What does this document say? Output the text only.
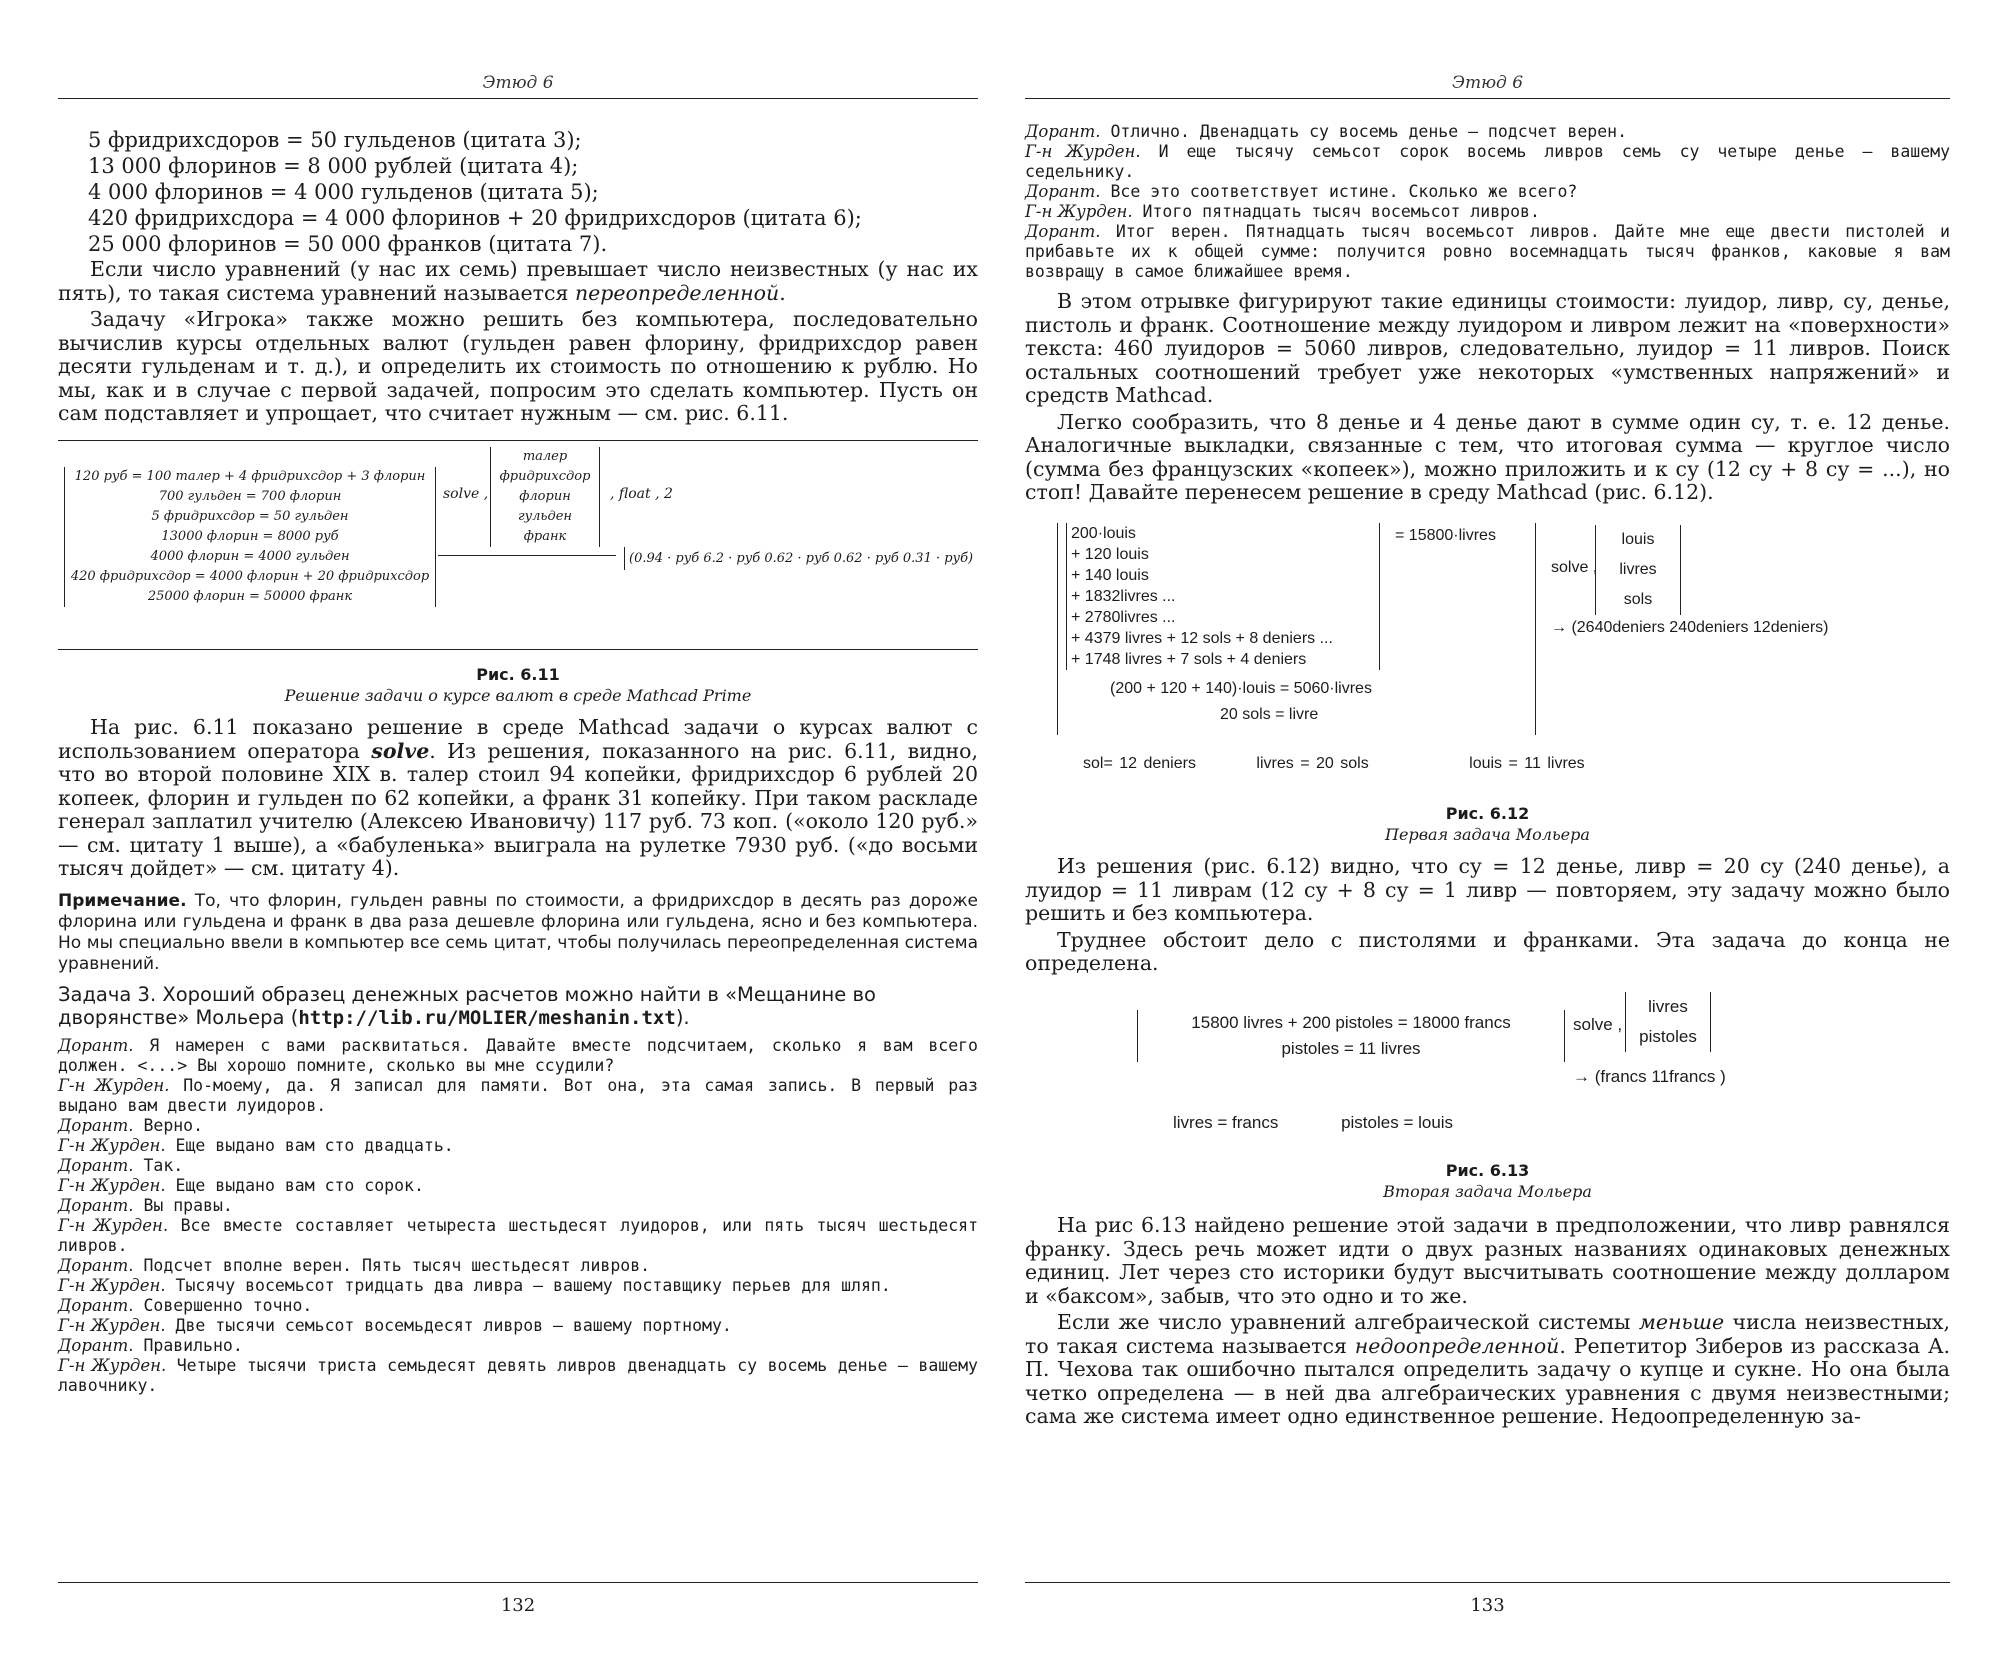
Этюд 6

5 фридрихсдоров = 50 гульденов (цитата 3);

13 000 флоринов = 8 000 рублей (цитата 4);

4 000 флоринов = 4 000 гульденов (цитата 5);

420 фридрихсдора = 4 000 флоринов + 20 фридрихсдоров (цитата 6);

25 000 флоринов = 50 000 франков (цитата 7).

Если число уравнений (у нас их семь) превышает число неизвестных (у нас их пять), то такая система уравнений называется переопределенной.

Задачу «Игрока» также можно решить без компьютера, последовательно вычислив курсы отдельных валют (гульден равен флорину, фридрихсдор равен десяти гульденам и т. д.), и определить их стоимость по отношению к рублю. Но мы, как и в случае с первой задачей, попросим это сделать компьютер. Пусть он сам подставляет и упрощает, что считает нужным — см. рис. 6.11.

120 руб = 100 талер + 4 фридрихсдор + 3 флорин
700 гульден = 700 флорин
5 фридрихсдор = 50 гульден
13000 флорин = 8000 руб
4000 флорин = 4000 гульден
420 фридрихсдор = 4000 флорин + 20 фридрихсдор
25000 флорин = 50000 франк
solve ,
талер
фридрихсдор
флорин
гульден
франк
, float , 2
(0.94 · руб 6.2 · руб 0.62 · руб 0.62 · руб 0.31 · руб)

Рис. 6.11

Решение задачи о курсе валют в среде Mathcad Prime

На рис. 6.11 показано решение в среде Mathcad задачи о курсах валют с использованием оператора solve. Из решения, показанного на рис. 6.11, видно, что во второй половине XIX в. талер стоил 94 копейки, фридрихсдор 6 рублей 20 копеек, флорин и гульден по 62 копейки, а франк 31 копейку. При таком раскладе генерал заплатил учителю (Алексею Ивановичу) 117 руб. 73 коп. («около 120 руб.» — см. цитату 1 выше), а «бабуленька» выиграла на рулетке 7930 руб. («до восьми тысяч дойдет» — см. цитату 4).

Примечание. То, что флорин, гульден равны по стоимости, а фридрихсдор в десять раз дороже флорина или гульдена и франк в два раза дешевле флорина или гульдена, ясно и без компьютера. Но мы специально ввели в компьютер все семь цитат, чтобы получилась переопределенная система уравнений.

Задача 3. Хороший образец денежных расчетов можно найти в «Мещанине во дворянстве» Мольера (http://lib.ru/MOLIER/meshanin.txt).

Дорант. Я намерен с вами расквитаться. Давайте вместе подсчитаем, сколько я вам всего должен. <...> Вы хорошо помните, сколько вы мне ссудили?

Г-н Журден. По-моему, да. Я записал для памяти. Вот она, эта самая запись. В первый раз выдано вам двести луидоров.

Дорант. Верно.

Г-н Журден. Еще выдано вам сто двадцать.

Дорант. Так.

Г-н Журден. Еще выдано вам сто сорок.

Дорант. Вы правы.

Г-н Журден. Все вместе составляет четыреста шестьдесят луидоров, или пять тысяч шестьдесят ливров.

Дорант. Подсчет вполне верен. Пять тысяч шестьдесят ливров.

Г-н Журден. Тысячу восемьсот тридцать два ливра — вашему поставщику перьев для шляп.

Дорант. Совершенно точно.

Г-н Журден. Две тысячи семьсот восемьдесят ливров — вашему портному.

Дорант. Правильно.

Г-н Журден. Четыре тысячи триста семьдесят девять ливров двенадцать су восемь денье — вашему лавочнику.

132
Этюд 6

Дорант. Отлично. Двенадцать су восемь денье — подсчет верен.

Г-н Журден. И еще тысячу семьсот сорок восемь ливров семь су четыре денье — вашему седельнику.

Дорант. Все это соответствует истине. Сколько же всего?

Г-н Журден. Итого пятнадцать тысяч восемьсот ливров.

Дорант. Итог верен. Пятнадцать тысяч восемьсот ливров. Дайте мне еще двести пистолей и прибавьте их к общей сумме: получится ровно восемнадцать тысяч франков, каковые я вам возвращу в самое ближайшее время.

В этом отрывке фигурируют такие единицы стоимости: луидор, ливр, су, денье, пистоль и франк. Соотношение между луидором и ливром лежит на «поверхности» текста: 460 луидоров = 5060 ливров, следовательно, луидор = 11 ливров. Поиск остальных соотношений требует уже некоторых «умственных напряжений» и средств Mathcad.

Легко сообразить, что 8 денье и 4 денье дают в сумме один су, т. е. 12 денье. Аналогичные выкладки, связанные с тем, что итоговая сумма — круглое число (сумма без французских «копеек»), можно приложить и к су (12 су + 8 су = ...), но стоп! Давайте перенесем решение в среду Mathcad (рис. 6.12).

200·louis
+ 120 louis
+ 140 louis
+ 1832livres ...
+ 2780livres ...
+ 4379 livres + 12 sols + 8 deniers ...
+ 1748 livres + 7 sols + 4 deniers
(200 + 120 + 140)·louis = 5060·livres
20 sols = livre
= 15800·livres
solve ,
louis
livres
sols
→ (2640deniers 240deniers 12deniers)
sol= 12 deniers	livres = 20 sols	louis = 11 livres

Рис. 6.12

Первая задача Мольера

Из решения (рис. 6.12) видно, что су = 12 денье, ливр = 20 су (240 денье), а луидор = 11 ливрам (12 су + 8 су = 1 ливр — повторяем, эту задачу можно было решить и без компьютера.

Труднее обстоит дело с пистолями и франками. Эта задача до конца не определена.

15800 livres + 200 pistoles = 18000 francs
pistoles = 11 livres
solve ,
livres
pistoles
→ (francs 11francs )
livres = francs	pistoles = louis

Рис. 6.13

Вторая задача Мольера

На рис 6.13 найдено решение этой задачи в предположении, что ливр равнялся франку. Здесь речь может идти о двух разных названиях одинаковых денежных единиц. Лет через сто историки будут высчитывать соотношение между долларом и «баксом», забыв, что это одно и то же.

Если же число уравнений алгебраической системы меньше числа неизвестных, то такая система называется недоопределенной. Репетитор Зиберов из рассказа А. П. Чехова так ошибочно пытался определить задачу о купце и сукне. Но она была четко определена — в ней два алгебраических уравнения с двумя неизвестными; сама же система имеет одно единственное решение. Недоопределенную за-

133
